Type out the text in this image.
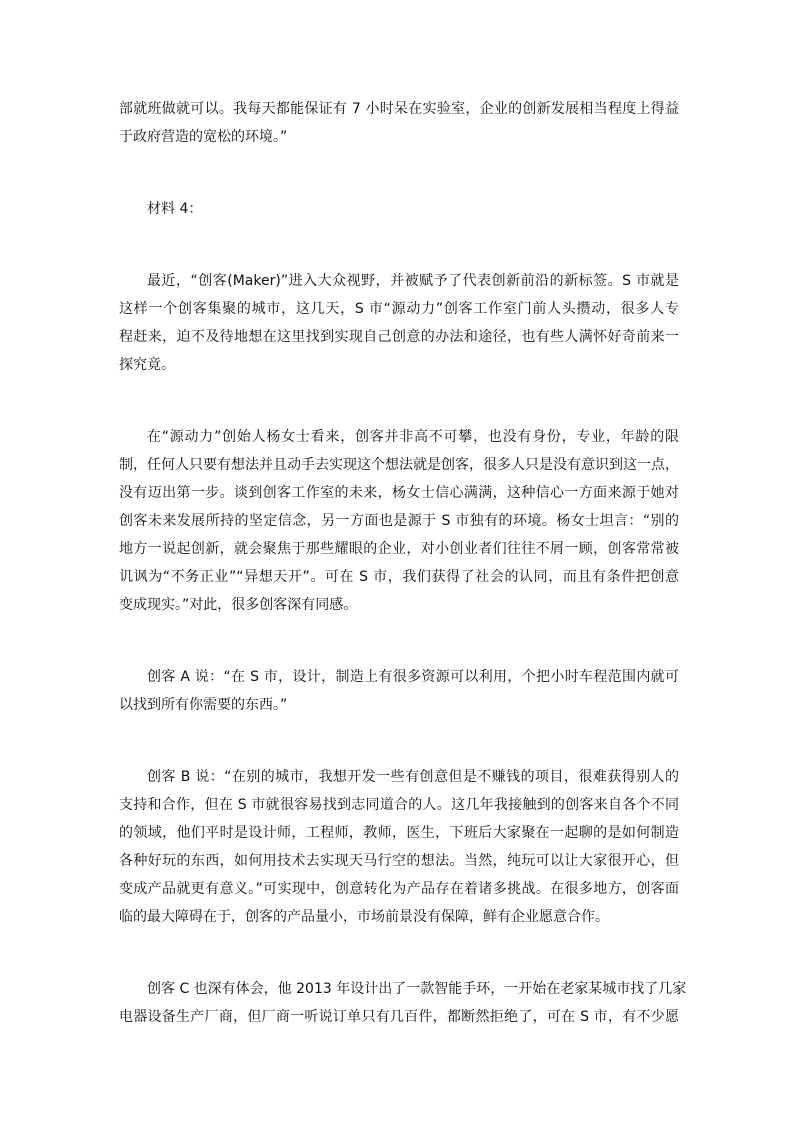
部就班做就可以。我每天都能保证有 7 小时呆在实验室，企业的创新发展相当程度上得益
于政府营造的宽松的环境。”
材料 4：
最近，“创客(Maker)”进入大众视野，并被赋予了代表创新前沿的新标签。S 市就是
这样一个创客集聚的城市，这几天，S 市“源动力”创客工作室门前人头攒动，很多人专
程赶来，迫不及待地想在这里找到实现自己创意的办法和途径，也有些人满怀好奇前来一
探究竟。
在“源动力”创始人杨女士看来，创客并非高不可攀，也没有身份，专业，年龄的限
制，任何人只要有想法并且动手去实现这个想法就是创客，很多人只是没有意识到这一点，
没有迈出第一步。谈到创客工作室的未来，杨女士信心满满，这种信心一方面来源于她对
创客未来发展所持的坚定信念，另一方面也是源于 S 市独有的环境。杨女士坦言：“别的
地方一说起创新，就会聚焦于那些耀眼的企业，对小创业者们往往不屑一顾，创客常常被
讥讽为“不务正业”“异想天开”。可在 S 市，我们获得了社会的认同，而且有条件把创意
变成现实。”对此，很多创客深有同感。
创客 A 说：“在 S 市，设计，制造上有很多资源可以利用，个把小时车程范围内就可
以找到所有你需要的东西。”
创客 B 说：“在别的城市，我想开发一些有创意但是不赚钱的项目，很难获得别人的
支持和合作，但在 S 市就很容易找到志同道合的人。这几年我接触到的创客来自各个不同
的领域，他们平时是设计师，工程师，教师，医生，下班后大家聚在一起聊的是如何制造
各种好玩的东西，如何用技术去实现天马行空的想法。当然，纯玩可以让大家很开心，但
变成产品就更有意义。”可实现中，创意转化为产品存在着诸多挑战。在很多地方，创客面
临的最大障碍在于，创客的产品量小，市场前景没有保障，鲜有企业愿意合作。
创客 C 也深有体会，他 2013 年设计出了一款智能手环，一开始在老家某城市找了几家
电器设备生产厂商，但厂商一听说订单只有几百件，都断然拒绝了，可在 S 市，有不少愿
